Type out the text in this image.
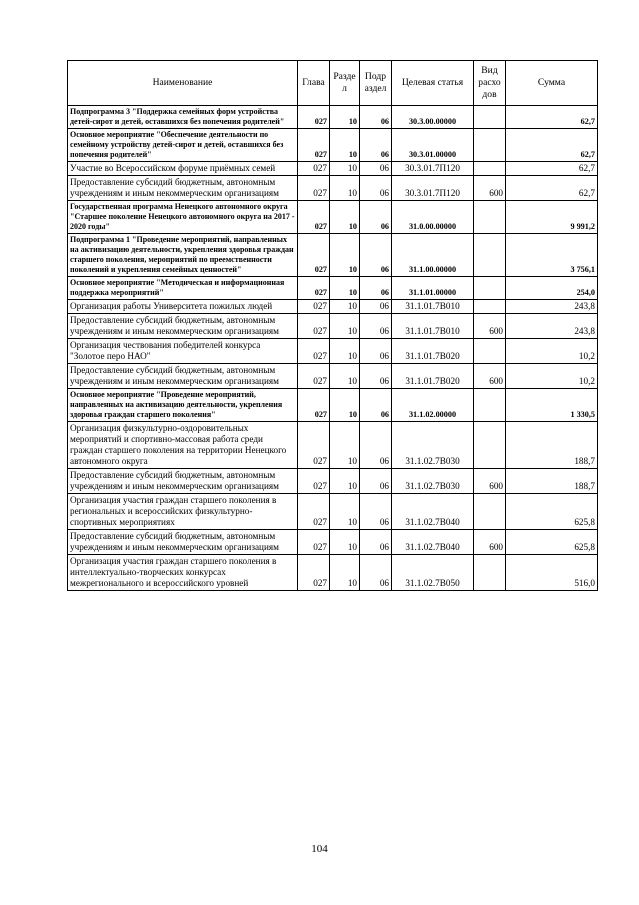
Наименование	Глава	Разде л	Подр аздел	Целевая статья	Вид расхо дов	Сумма
Подпрограмма 3 "Поддержка семейных форм устройства детей-сирот и детей, оставшихся без попечения родителей"	027	10	06	30.3.00.00000		62,7
Основное мероприятие "Обеспечение деятельности по семейному устройству детей-сирот и детей, оставшихся без попечения родителей"	027	10	06	30.3.01.00000		62,7
Участие во Всероссийском форуме приёмных семей	027	10	06	30.3.01.7П120		62,7
Предоставление субсидий бюджетным, автономным учреждениям и иным некоммерческим организациям	027	10	06	30.3.01.7П120	600	62,7
Государственная программа Ненецкого автономного округа "Старшее поколение Ненецкого автономного округа на 2017 - 2020 годы"	027	10	06	31.0.00.00000		9 991,2
Подпрограмма 1 "Проведение мероприятий, направленных на активизацию деятельности, укрепления здоровья граждан старшего поколения, мероприятий по преемственности поколений и укрепления семейных ценностей"	027	10	06	31.1.00.00000		3 756,1
Основное мероприятие "Методическая и информационная поддержка мероприятий"	027	10	06	31.1.01.00000		254,0
Организация работы Университета пожилых людей	027	10	06	31.1.01.7В010		243,8
Предоставление субсидий бюджетным, автономным учреждениям и иным некоммерческим организациям	027	10	06	31.1.01.7В010	600	243,8
Организация чествования победителей конкурса "Золотое перо НАО"	027	10	06	31.1.01.7В020		10,2
Предоставление субсидий бюджетным, автономным учреждениям и иным некоммерческим организациям	027	10	06	31.1.01.7В020	600	10,2
Основное мероприятие "Проведение мероприятий, направленных на активизацию деятельности, укрепления здоровья граждан старшего поколения"	027	10	06	31.1.02.00000		1 330,5
Организация физкультурно-оздоровительных мероприятий и спортивно-массовая работа среди граждан старшего поколения на территории Ненецкого автономного округа	027	10	06	31.1.02.7В030		188,7
Предоставление субсидий бюджетным, автономным учреждениям и иным некоммерческим организациям	027	10	06	31.1.02.7В030	600	188,7
Организация участия граждан старшего поколения в региональных и всероссийских физкультурно-спортивных мероприятиях	027	10	06	31.1.02.7В040		625,8
Предоставление субсидий бюджетным, автономным учреждениям и иным некоммерческим организациям	027	10	06	31.1.02.7В040	600	625,8
Организация участия граждан старшего поколения в интеллектуально-творческих конкурсах межрегионального и всероссийского уровней	027	10	06	31.1.02.7В050		516,0
104
